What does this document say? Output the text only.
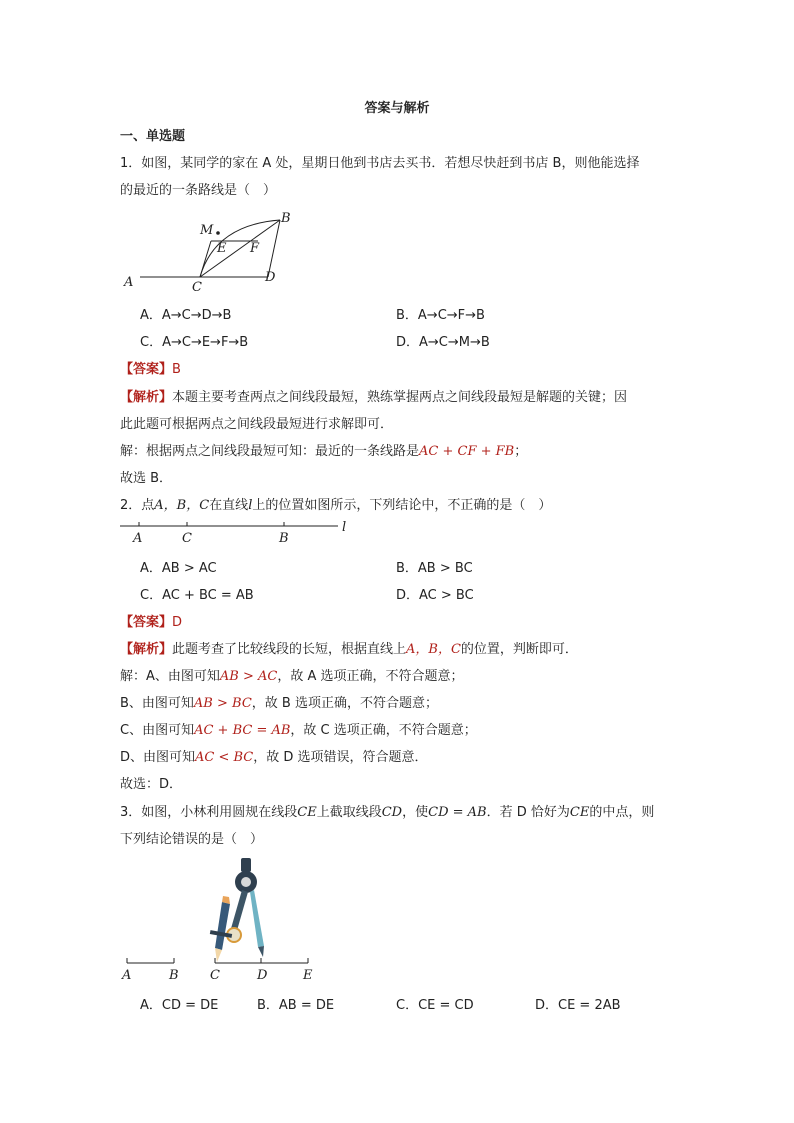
答案与解析
一、单选题
1．如图，某同学的家在 A 处，星期日他到书店去买书．若想尽快赶到书店 B，则他能选择
的最近的一条路线是（　）
M
E F
B
A	C
D
A．A→C→D→B	B．A→C→F→B
C．A→C→E→F→B	D．A→C→M→B
【答案】B
【解析】本题主要考查两点之间线段最短，熟练掌握两点之间线段最短是解题的关键；因
此此题可根据两点之间线段最短进行求解即可．
解：根据两点之间线段最短可知：最近的一条线路是AC + CF + FB；
故选 B．
2．点A，B，C在直线l上的位置如图所示，下列结论中，不正确的是（　）
A	C	B
l
A．AB > AC	B．AB > BC
C．AC + BC = AB	D．AC > BC
【答案】D
【解析】此题考查了比较线段的长短，根据直线上A，B，C的位置，判断即可．
解：A、由图可知AB > AC，故 A 选项正确，不符合题意；
B、由图可知AB > BC，故 B 选项正确，不符合题意；
C、由图可知AC + BC = AB，故 C 选项正确，不符合题意；
D、由图可知AC < BC，故 D 选项错误，符合题意．
故选：D．
3．如图，小林利用圆规在线段CE上截取线段CD，使CD = AB．若 D 恰好为CE的中点，则
下列结论错误的是（　）
A	B C	D	E
A．CD = DE	B．AB = DE	C．CE = CD	D．CE = 2AB
